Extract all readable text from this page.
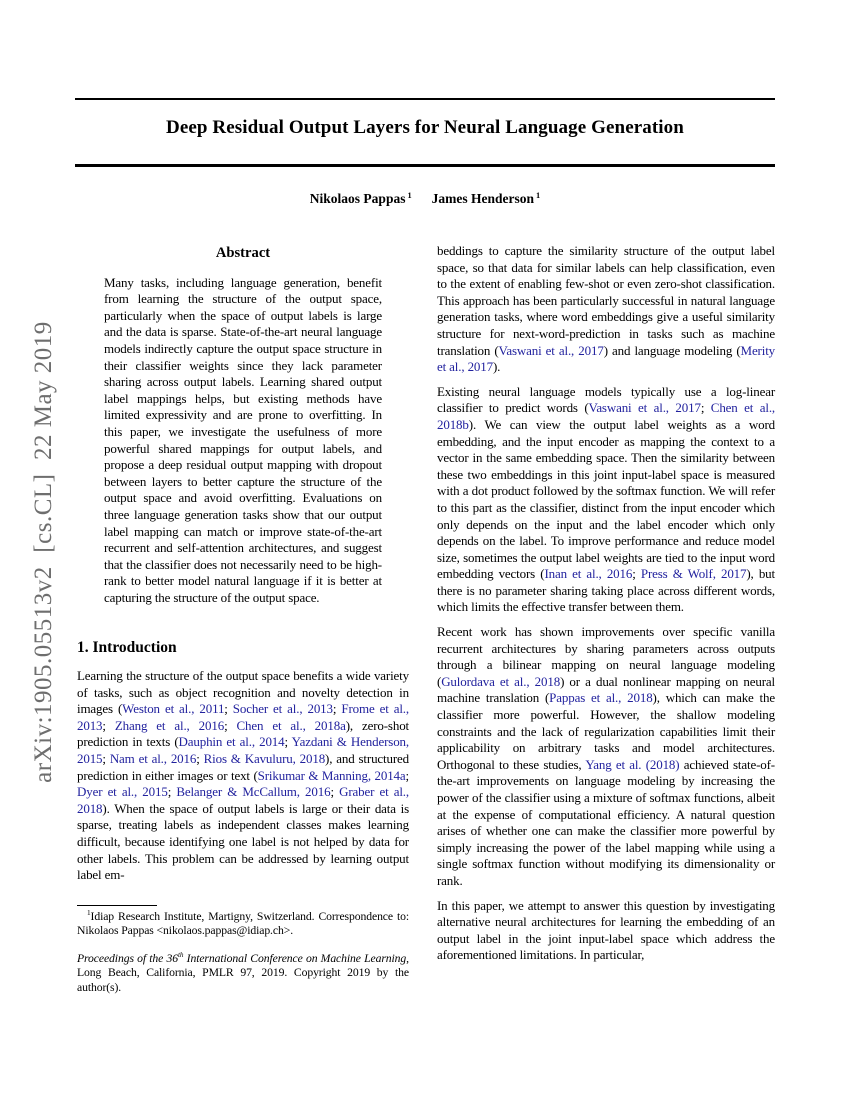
arXiv:1905.05513v2  [cs.CL]  22 May 2019
Deep Residual Output Layers for Neural Language Generation
Nikolaos Pappas $^1$ James Henderson $^1$
Abstract

Many tasks, including language generation, benefit from learning the structure of the output space, particularly when the space of output labels is large and the data is sparse. State-of-the-art neural language models indirectly capture the output space structure in their classifier weights since they lack parameter sharing across output labels. Learning shared output label mappings helps, but existing methods have limited expressivity and are prone to overfitting. In this paper, we investigate the usefulness of more powerful shared mappings for output labels, and propose a deep residual output mapping with dropout between layers to better capture the structure of the output space and avoid overfitting. Evaluations on three language generation tasks show that our output label mapping can match or improve state-of-the-art recurrent and self-attention architectures, and suggest that the classifier does not necessarily need to be high-rank to better model natural language if it is better at capturing the structure of the output space.

1. Introduction

Learning the structure of the output space benefits a wide variety of tasks, such as object recognition and novelty detection in images (Weston et al., 2011; Socher et al., 2013; Frome et al., 2013; Zhang et al., 2016; Chen et al., 2018a), zero-shot prediction in texts (Dauphin et al., 2014; Yazdani & Henderson, 2015; Nam et al., 2016; Rios & Kavuluru, 2018), and structured prediction in either images or text (Srikumar & Manning, 2014a; Dyer et al., 2015; Belanger & McCallum, 2016; Graber et al., 2018). When the space of output labels is large or their data is sparse, treating labels as independent classes makes learning difficult, because identifying one label is not helped by data for other labels. This problem can be addressed by learning output label em-

beddings to capture the similarity structure of the output label space, so that data for similar labels can help classification, even to the extent of enabling few-shot or even zero-shot classification. This approach has been particularly successful in natural language generation tasks, where word embeddings give a useful similarity structure for next-word-prediction in tasks such as machine translation (Vaswani et al., 2017) and language modeling (Merity et al., 2017).

Existing neural language models typically use a log-linear classifier to predict words (Vaswani et al., 2017; Chen et al., 2018b). We can view the output label weights as a word embedding, and the input encoder as mapping the context to a vector in the same embedding space. Then the similarity between these two embeddings in this joint input-label space is measured with a dot product followed by the softmax function. We will refer to this part as the classifier, distinct from the input encoder which only depends on the input and the label encoder which only depends on the label. To improve performance and reduce model size, sometimes the output label weights are tied to the input word embedding vectors (Inan et al., 2016; Press & Wolf, 2017), but there is no parameter sharing taking place across different words, which limits the effective transfer between them.

Recent work has shown improvements over specific vanilla recurrent architectures by sharing parameters across outputs through a bilinear mapping on neural language modeling (Gulordava et al., 2018) or a dual nonlinear mapping on neural machine translation (Pappas et al., 2018), which can make the classifier more powerful. However, the shallow modeling constraints and the lack of regularization capabilities limit their applicability on arbitrary tasks and model architectures. Orthogonal to these studies, Yang et al. (2018) achieved state-of-the-art improvements on language modeling by increasing the power of the classifier using a mixture of softmax functions, albeit at the expense of computational efficiency. A natural question arises of whether one can make the classifier more powerful by simply increasing the power of the label mapping while using a single softmax function without modifying its dimensionality or rank.

In this paper, we attempt to answer this question by investigating alternative neural architectures for learning the embedding of an output label in the joint input-label space which address the aforementioned limitations. In particular,

$^1$Idiap Research Institute, Martigny, Switzerland. Correspondence to: Nikolaos Pappas <nikolaos.pappas@idiap.ch>.

Proceedings of the 36th International Conference on Machine Learning, Long Beach, California, PMLR 97, 2019. Copyright 2019 by the author(s).
